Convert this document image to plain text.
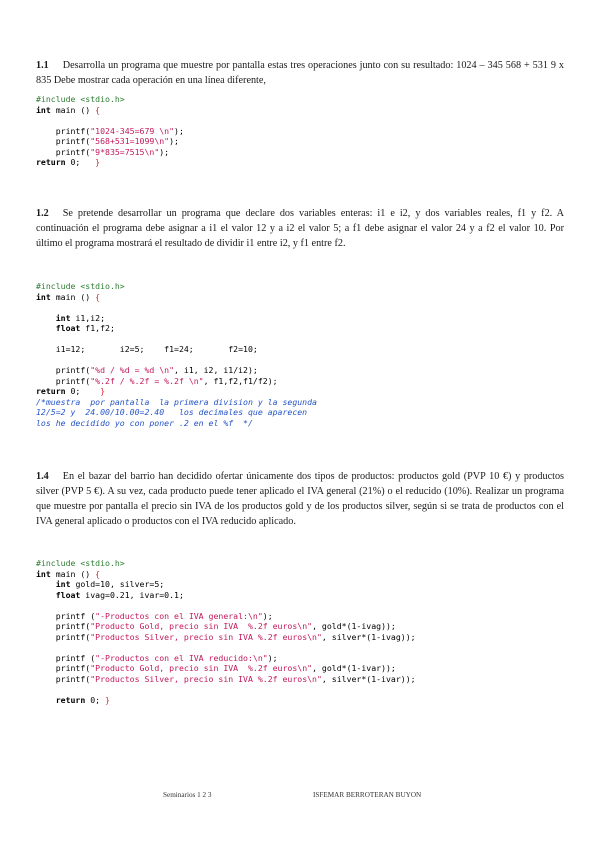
1.1 Desarrolla un programa que muestre por pantalla estas tres operaciones junto con su resultado: 1024 – 345 568 + 531 9 x 835 Debe mostrar cada operación en una línea diferente,

#include <stdio.h>
int main () {

printf("1024-345=679 \n");
printf("568+531=1099\n");
printf("9*835=7515\n");
return 0;   }

1.2 Se pretende desarrollar un programa que declare dos variables enteras: i1 e i2, y dos variables reales, f1 y f2. A continuación el programa debe asignar a i1 el valor 12 y a i2 el valor 5; a f1 debe asignar el valor 24 y a f2 el valor 10. Por último el programa mostrará el resultado de dividir i1 entre i2, y f1 entre f2.

#include <stdio.h>
int main () {

int i1,i2;
float f1,f2;

i1=12;       i2=5;    f1=24;       f2=10;

printf("%d / %d = %d \n", i1, i2, i1/i2);
printf("%.2f / %.2f = %.2f \n", f1,f2,f1/f2);
return 0;    }
/*muestra  por pantalla  la primera division y la segunda
12/5=2 y  24.00/10.00=2.40   los decimales que aparecen
los he decidido yo con poner .2 en el %f  */

1.4 En el bazar del barrio han decidido ofertar únicamente dos tipos de productos: productos gold (PVP 10 €) y productos silver (PVP 5 €). A su vez, cada producto puede tener aplicado el IVA general (21%) o el reducido (10%). Realizar un programa que muestre por pantalla el precio sin IVA de los productos gold y de los productos silver, según si se trata de productos con el IVA general aplicado o productos con el IVA reducido aplicado.

#include <stdio.h>
int main () {
int gold=10, silver=5;
float ivag=0.21, ivar=0.1;

printf ("-Productos con el IVA general:\n");
printf("Producto Gold, precio sin IVA  %.2f euros\n", gold*(1-ivag));
printf("Productos Silver, precio sin IVA %.2f euros\n", silver*(1-ivag));

printf ("-Productos con el IVA reducido:\n");
printf("Producto Gold, precio sin IVA  %.2f euros\n", gold*(1-ivar));
printf("Productos Silver, precio sin IVA %.2f euros\n", silver*(1-ivar));

return 0; }
Seminarios 1 2 3	ISFEMAR BERROTERAN BUYON
